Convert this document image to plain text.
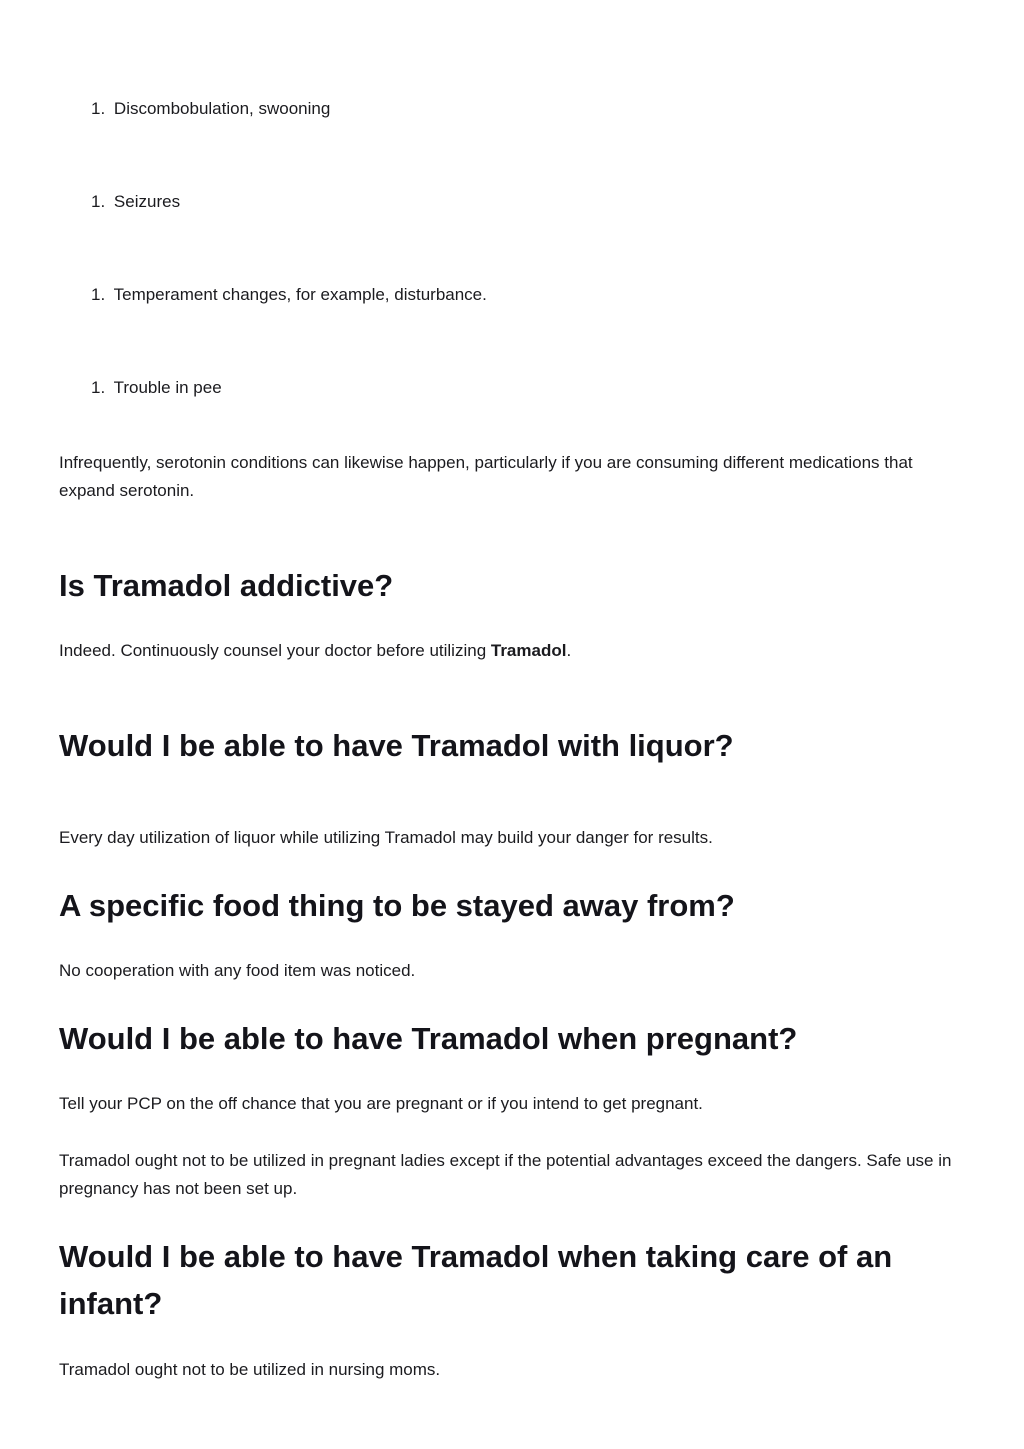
1. Discombobulation, swooning
1. Seizures
1. Temperament changes, for example, disturbance.
1. Trouble in pee

Infrequently, serotonin conditions can likewise happen, particularly if you are consuming different medications that expand serotonin.

Is Tramadol addictive?

Indeed. Continuously counsel your doctor before utilizing Tramadol.

Would I be able to have Tramadol with liquor?

Every day utilization of liquor while utilizing Tramadol may build your danger for results.

A specific food thing to be stayed away from?

No cooperation with any food item was noticed.

Would I be able to have Tramadol when pregnant?

Tell your PCP on the off chance that you are pregnant or if you intend to get pregnant.

Tramadol ought not to be utilized in pregnant ladies except if the potential advantages exceed the dangers. Safe use in pregnancy has not been set up.

Would I be able to have Tramadol when taking care of an infant?

Tramadol ought not to be utilized in nursing moms.
